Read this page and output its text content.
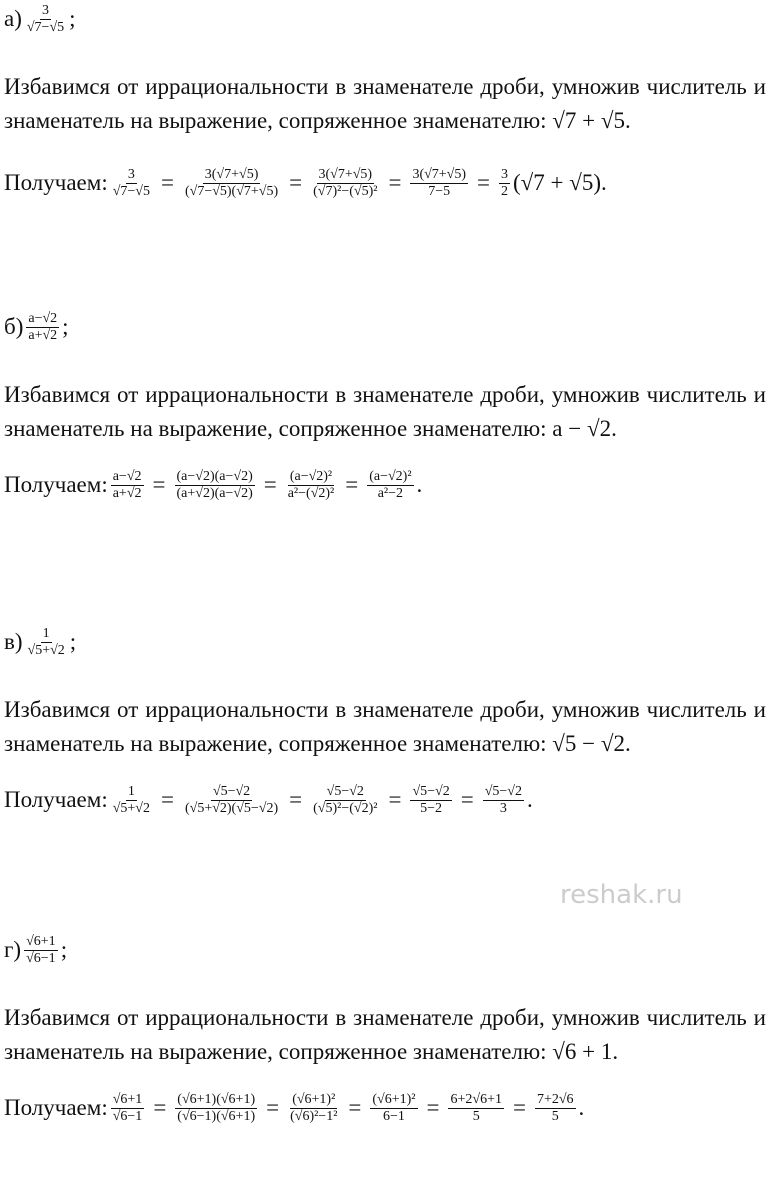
$а) \frac{3}{√7-√5}$ ;
Избавимся от иррациональности в знаменателе дроби, умножив числитель и знаменатель на выражение, сопряженное знаменателю: √7 + √5.
Получаем: $\frac{3}{√7-√5} = \frac{3(√7+√5)}{(√7-√5)(√7+√5)} = \frac{3(√7+√5)}{\text{(√7)²−(√5)²}} = \frac{3(√7+√5)}{7-5} = \frac{3}{2} (√7 + √5)$.
$б) \frac{a-√2}{a+√2}$ ;
Избавимся от иррациональности в знаменателе дроби, умножив числитель и знаменатель на выражение, сопряженное знаменателю: a − √2.
Получаем: $\frac{a-√2}{a+√2} = \frac{(a-√2)(a-√2)}{(a+√2)(a-√2)} = \frac{\text{(a−√2)²}}{\text{a²−(√2)²}} = \frac{\text{(a−√2)²}}{\text{a²−2}}$ .
$в) \frac{1}{√5+√2}$ ;
Избавимся от иррациональности в знаменателе дроби, умножив числитель и знаменатель на выражение, сопряженное знаменателю: √5 − √2.
Получаем: $\frac{1}{√5+√2} = \frac{√5-√2}{(√5+√2)(√5-√2)} = \frac{√5-√2}{\text{(√5)²−(√2)²}} = \frac{√5-√2}{5-2} = \frac{√5-√2}{3}$ .
$г) \frac{√6+1}{√6-1}$ ;
Избавимся от иррациональности в знаменателе дроби, умножив числитель и знаменатель на выражение, сопряженное знаменателю: √6 + 1.
Получаем: $\frac{√6+1}{√6-1} = \frac{(√6+1)(√6+1)}{(√6-1)(√6+1)} = \frac{\text{(√6+1)²}}{\text{(√6)²−1²}} = \frac{\text{(√6+1)²}}{6-1} = \frac{6+2√6+1}{5} = \frac{7+2√6}{5}$ .
reshak.ru
